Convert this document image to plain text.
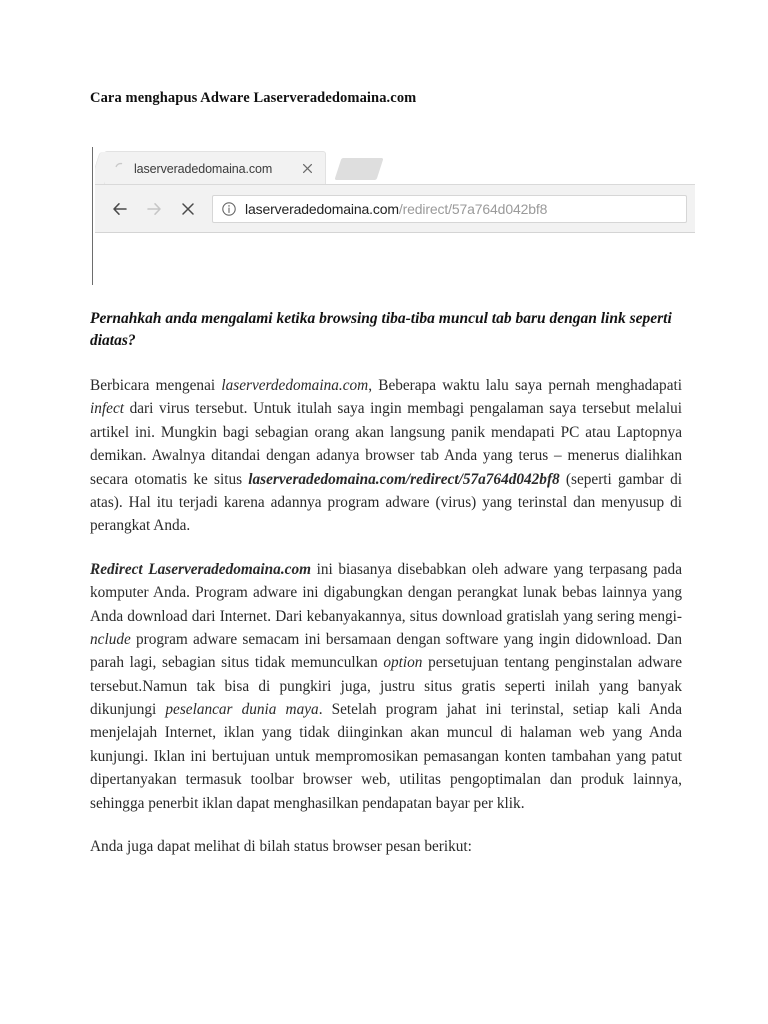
Cara menghapus Adware Laserveradedomaina.com
laserveradedomaina.com
laserveradedomaina.com/redirect/57a764d042bf8

Pernahkah anda mengalami ketika browsing tiba-tiba muncul tab baru dengan link seperti diatas?

Berbicara mengenai laserverdedomaina.com, Beberapa waktu lalu saya pernah menghadapati infect dari virus tersebut. Untuk itulah saya ingin membagi pengalaman saya tersebut melalui artikel ini. Mungkin bagi sebagian orang akan langsung panik mendapati PC atau Laptopnya demikan. Awalnya ditandai dengan adanya browser tab Anda yang terus – menerus dialihkan secara otomatis ke situs laserveradedomaina.com/redirect/57a764d042bf8 (seperti gambar di atas). Hal itu terjadi karena adannya program adware (virus) yang terinstal dan menyusup di perangkat Anda.

Redirect Laserveradedomaina.com ini biasanya disebabkan oleh adware yang terpasang pada komputer Anda. Program adware ini digabungkan dengan perangkat lunak bebas lainnya yang Anda download dari Internet. Dari kebanyakannya, situs download gratislah yang sering mengi-nclude program adware semacam ini bersamaan dengan software yang ingin didownload. Dan parah lagi, sebagian situs tidak memunculkan option persetujuan tentang penginstalan adware tersebut.Namun tak bisa di pungkiri juga, justru situs gratis seperti inilah yang banyak dikunjungi peselancar dunia maya. Setelah program jahat ini terinstal, setiap kali Anda menjelajah Internet, iklan yang tidak diinginkan akan muncul di halaman web yang Anda kunjungi. Iklan ini bertujuan untuk mempromosikan pemasangan konten tambahan yang patut dipertanyakan termasuk toolbar browser web, utilitas pengoptimalan dan produk lainnya, sehingga penerbit iklan dapat menghasilkan pendapatan bayar per klik.

Anda juga dapat melihat di bilah status browser pesan berikut:
